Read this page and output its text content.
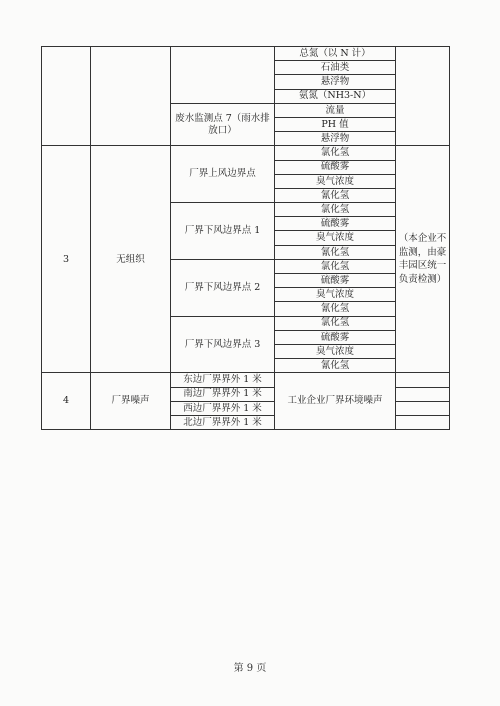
			总氮（以 N 计）	
			石油类	
			悬浮物	
			氨氮（NH3-N）	
		废水监测点 7（雨水排放口）	流量	
			PH 值	
			悬浮物	
3	无组织	厂界上风边界点	氯化氢	（本企业不监测，由豪丰园区统一负责检测）
			硫酸雾	
			臭气浓度	
			氰化氢	
		厂界下风边界点 1	氯化氢	
			硫酸雾	
			臭气浓度	
			氰化氢	
		厂界下风边界点 2	氯化氢	
			硫酸雾	
			臭气浓度	
			氰化氢	
		厂界下风边界点 3	氯化氢	
			硫酸雾	
			臭气浓度	
			氰化氢	
4	厂界噪声	东边厂界界外 1 米	工业企业厂界环境噪声	
		南边厂界界外 1 米		
		西边厂界界外 1 米		
		北边厂界界外 1 米		
第 9 页
